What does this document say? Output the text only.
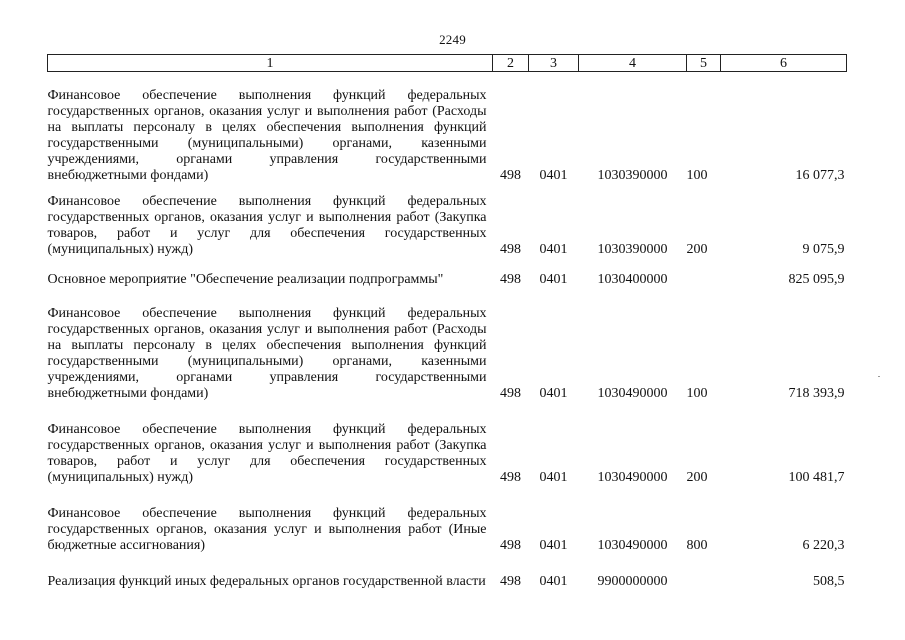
2249
1	2	3	4	5	6
Финансовое обеспечение выполнения функций федеральных государственных органов, оказания услуг и выполнения работ (Расходы на выплаты персоналу в целях обеспечения выполнения функций государственными (муниципальными) органами, казенными учреждениями, органами управления государственными внебюджетными фондами)	498	0401	1030390000	100	16 077,3
Финансовое обеспечение выполнения функций федеральных государственных органов, оказания услуг и выполнения работ (Закупка товаров, работ и услуг для обеспечения государственных (муниципальных) нужд)	498	0401	1030390000	200	9 075,9
Основное мероприятие "Обеспечение реализации подпрограммы"	498	0401	1030400000		825 095,9
Финансовое обеспечение выполнения функций федеральных государственных органов, оказания услуг и выполнения работ (Расходы на выплаты персоналу в целях обеспечения выполнения функций государственными (муниципальными) органами, казенными учреждениями, органами управления государственными внебюджетными фондами)	498	0401	1030490000	100	718 393,9
Финансовое обеспечение выполнения функций федеральных государственных органов, оказания услуг и выполнения работ (Закупка товаров, работ и услуг для обеспечения государственных (муниципальных) нужд)	498	0401	1030490000	200	100 481,7
Финансовое обеспечение выполнения функций федеральных государственных органов, оказания услуг и выполнения работ (Иные бюджетные ассигнования)	498	0401	1030490000	800	6 220,3
Реализация функций иных федеральных органов государственной власти	498	0401	9900000000		508,5
